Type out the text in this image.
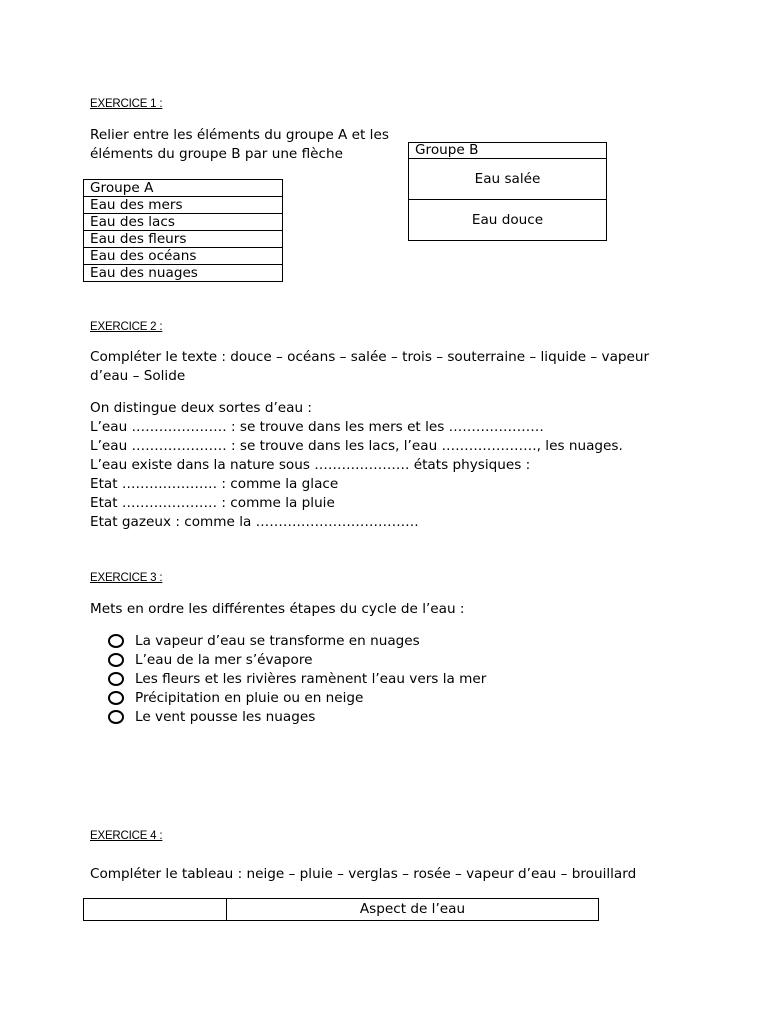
EXERCICE 1 :
Relier entre les éléments du groupe A et les
éléments du groupe B par une flèche
Groupe A
Eau des mers
Eau des lacs
Eau des fleurs
Eau des océans
Eau des nuages
Groupe B
Eau salée
Eau douce
EXERCICE 2 :
Compléter le texte : douce – océans – salée – trois – souterraine – liquide – vapeur
d’eau – Solide
On distingue deux sortes d’eau :
L’eau ………………… : se trouve dans les mers et les …………………
L’eau ………………… : se trouve dans les lacs, l’eau …………………, les nuages.
L’eau existe dans la nature sous ………………… états physiques :
Etat ………………… : comme la glace
Etat ………………… : comme la pluie
Etat gazeux : comme la ………………………………
EXERCICE 3 :
Mets en ordre les différentes étapes du cycle de l’eau :
La vapeur d’eau se transforme en nuages
L’eau de la mer s’évapore
Les fleurs et les rivières ramènent l’eau vers la mer
Précipitation en pluie ou en neige
Le vent pousse les nuages
EXERCICE 4 :
Compléter le tableau : neige – pluie – verglas – rosée – vapeur d’eau – brouillard
	Aspect de l’eau
